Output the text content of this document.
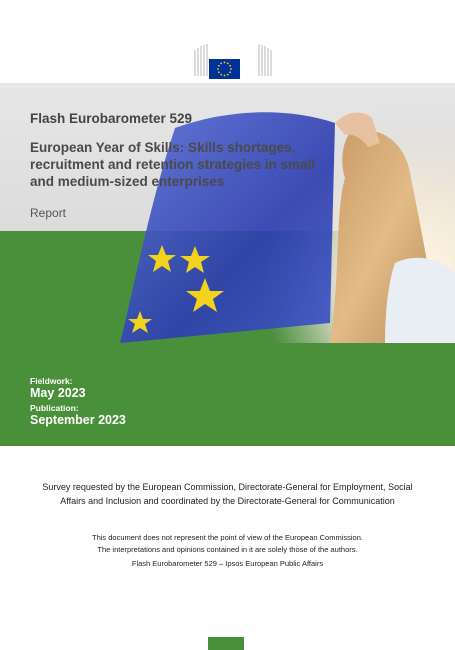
Flash Eurobarometer 529
European Year of Skills: Skills shortages, recruitment and retention strategies in small and medium-sized enterprises
Report
Fieldwork:
May 2023
Publication:
September 2023
Survey requested by the European Commission, Directorate-General for Employment, Social Affairs and Inclusion and coordinated by the Directorate-General for Communication
This document does not represent the point of view of the European Commission.
The interpretations and opinions contained in it are solely those of the authors.
Flash Eurobarometer 529 – Ipsos European Public Affairs
